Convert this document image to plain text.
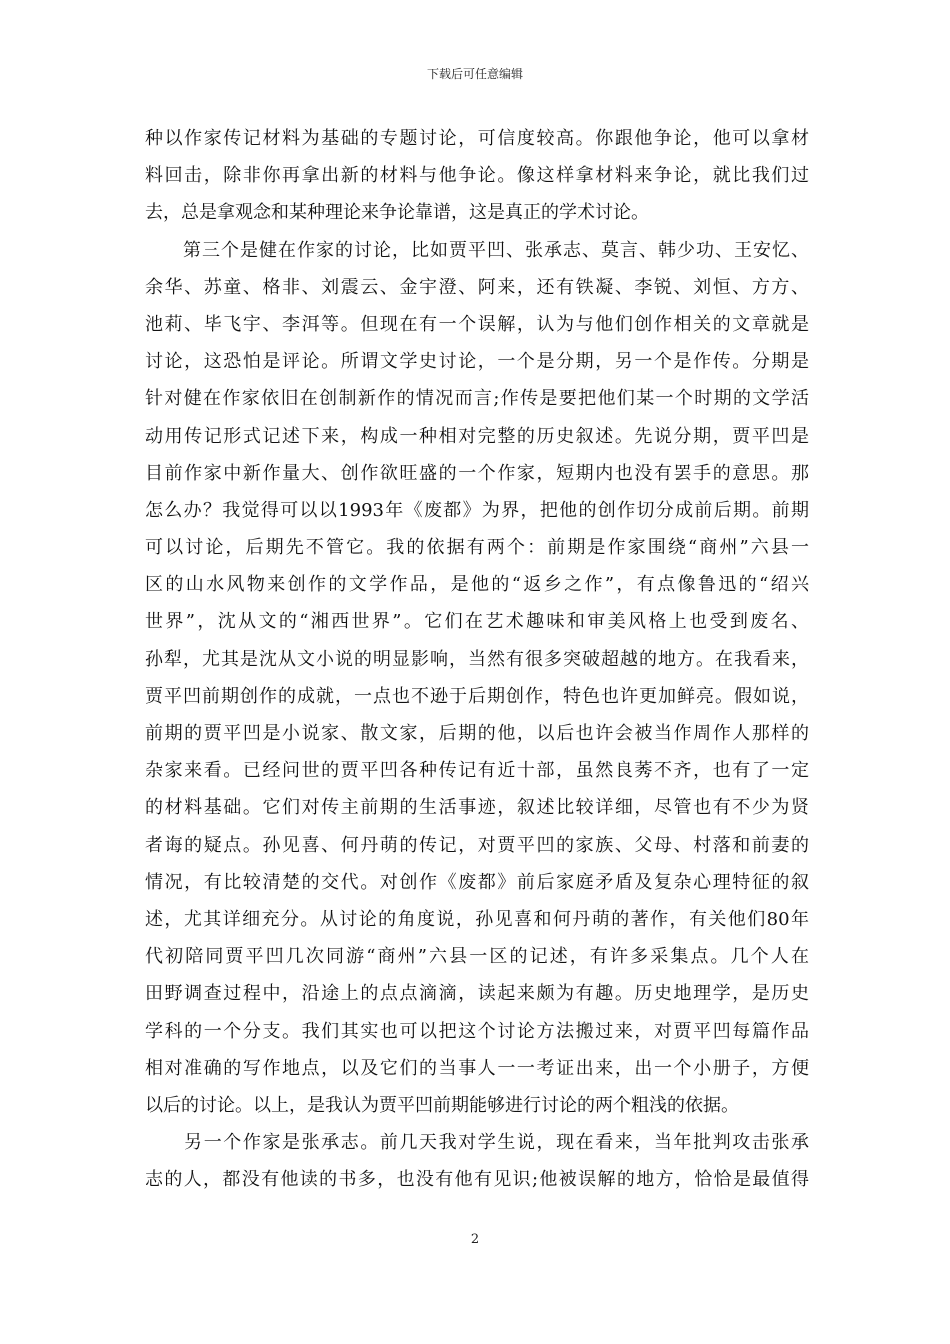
下载后可任意编辑
种以作家传记材料为基础的专题讨论，可信度较高。你跟他争论，他可以拿材
料回击，除非你再拿出新的材料与他争论。像这样拿材料来争论，就比我们过
去，总是拿观念和某种理论来争论靠谱，这是真正的学术讨论。
　　第三个是健在作家的讨论，比如贾平凹、张承志、莫言、韩少功、王安忆、
余华、苏童、格非、刘震云、金宇澄、阿来，还有铁凝、李锐、刘恒、方方、
池莉、毕飞宇、李洱等。但现在有一个误解，认为与他们创作相关的文章就是
讨论，这恐怕是评论。所谓文学史讨论，一个是分期，另一个是作传。分期是
针对健在作家依旧在创制新作的情况而言;作传是要把他们某一个时期的文学活
动用传记形式记述下来，构成一种相对完整的历史叙述。先说分期，贾平凹是
目前作家中新作量大、创作欲旺盛的一个作家，短期内也没有罢手的意思。那
怎么办？我觉得可以以1993年《废都》为界，把他的创作切分成前后期。前期
可以讨论，后期先不管它。我的依据有两个：前期是作家围绕“商州”六县一
区的山水风物来创作的文学作品，是他的“返乡之作”，有点像鲁迅的“绍兴
世界”，沈从文的“湘西世界”。它们在艺术趣味和审美风格上也受到废名、
孙犁，尤其是沈从文小说的明显影响，当然有很多突破超越的地方。在我看来，
贾平凹前期创作的成就，一点也不逊于后期创作，特色也许更加鲜亮。假如说，
前期的贾平凹是小说家、散文家，后期的他，以后也许会被当作周作人那样的
杂家来看。已经问世的贾平凹各种传记有近十部，虽然良莠不齐，也有了一定
的材料基础。它们对传主前期的生活事迹，叙述比较详细，尽管也有不少为贤
者诲的疑点。孙见喜、何丹萌的传记，对贾平凹的家族、父母、村落和前妻的
情况，有比较清楚的交代。对创作《废都》前后家庭矛盾及复杂心理特征的叙
述，尤其详细充分。从讨论的角度说，孙见喜和何丹萌的著作，有关他们80年
代初陪同贾平凹几次同游“商州”六县一区的记述，有许多采集点。几个人在
田野调查过程中，沿途上的点点滴滴，读起来颇为有趣。历史地理学，是历史
学科的一个分支。我们其实也可以把这个讨论方法搬过来，对贾平凹每篇作品
相对准确的写作地点，以及它们的当事人一一考证出来，出一个小册子，方便
以后的讨论。以上，是我认为贾平凹前期能够进行讨论的两个粗浅的依据。
　　另一个作家是张承志。前几天我对学生说，现在看来，当年批判攻击张承
志的人，都没有他读的书多，也没有他有见识;他被误解的地方，恰恰是最值得
2
